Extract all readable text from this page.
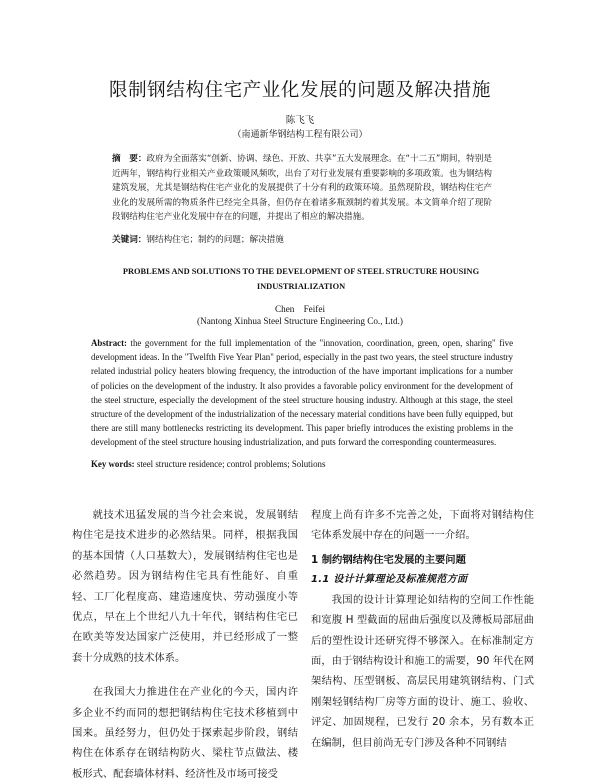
限制钢结构住宅产业化发展的问题及解决措施
陈飞飞
（南通新华钢结构工程有限公司）
摘　要：政府为全面落实“创新、协调、绿色、开放、共享”五大发展理念。在“十二五”期间，特别是近两年，钢结构行业相关产业政策暖风频吹，出台了对行业发展有重要影响的多项政策。也为钢结构建筑发展，尤其是钢结构住宅产业化的发展提供了十分有利的政策环境。虽然现阶段，钢结构住宅产业化的发展所需的物质条件已经完全具备，但仍存在着诸多瓶颈制约着其发展。本文简单介绍了现阶段钢结构住宅产业化发展中存在的问题，并提出了相应的解决措施。
关键词：钢结构住宅；制约的问题；解决措施
PROBLEMS AND SOLUTIONS TO THE DEVELOPMENT OF STEEL STRUCTURE HOUSING INDUSTRIALIZATION
Chen　Feifei
(Nantong Xinhua Steel Structure Engineering Co., Ltd.)
Abstract: the government for the full implementation of the "innovation, coordination, green, open, sharing" five development ideas. In the "Twelfth Five Year Plan" period, especially in the past two years, the steel structure industry related industrial policy heaters blowing frequency, the introduction of the have important implications for a number of policies on the development of the industry. It also provides a favorable policy environment for the development of the steel structure, especially the development of the steel structure housing industry. Although at this stage, the steel structure of the development of the industrialization of the necessary material conditions have been fully equipped, but there are still many bottlenecks restricting its development. This paper briefly introduces the existing problems in the development of the steel structure housing industrialization, and puts forward the corresponding countermeasures.
Key words: steel structure residence; control problems; Solutions

就技术迅猛发展的当今社会来说，发展钢结构住宅是技术进步的必然结果。同样，根据我国的基本国情（人口基数大），发展钢结构住宅也是必然趋势。因为钢结构住宅具有性能好、自重轻、工厂化程度高、建造速度快、劳动强度小等优点，早在上个世纪八九十年代，钢结构住宅已在欧美等发达国家广泛使用，并已经形成了一整套十分成熟的技术体系。

在我国大力推进住在产业化的今天，国内许多企业不约而同的想把钢结构住宅技术移植到中国来。虽经努力，但仍处于探索起步阶段，钢结构住在体系存在钢结构防火、梁柱节点做法、楼板形式、配套墙体材料、经济性及市场可接受

程度上尚有许多不完善之处，下面将对钢结构住宅体系发展中存在的问题一一介绍。

1 制约钢结构住宅发展的主要问题
1.1 设计计算理论及标准规范方面

我国的设计计算理论如结构的空间工作性能和宽腹 H 型截面的屈曲后强度以及薄板局部屈曲后的塑性设计还研究得不够深入。在标准制定方面，由于钢结构设计和施工的需要，90 年代在网架结构、压型钢板、高层民用建筑钢结构、门式刚架轻钢结构厂房等方面的设计、施工、验收、评定、加固规程，已发行 20 余本，另有数本正在编制，但目前尚无专门涉及各种不同钢结
